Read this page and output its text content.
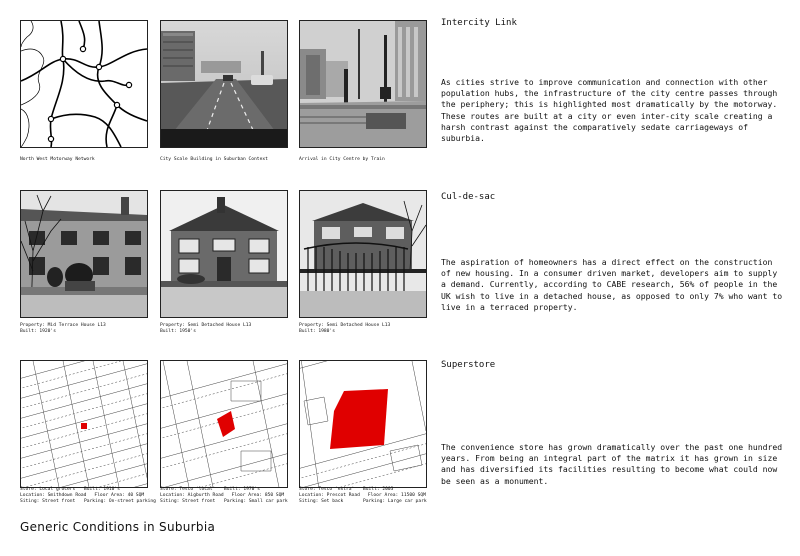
North West Motorway Network	City Scale Building in Suburban Context	Arrival in City Centre by Train
Intercity Link
As cities strive to improve communication and connection with other population hubs, the infrastructure of the city centre passes through the periphery; this is highlighted most dramatically by the motorway. These routes are built at a city or even inter-city scale creating a harsh contrast against the comparatively sedate carriageways of suburbia.
Property: Mid Terrace House L13
Built: 1920's
Property: Semi Detached House L13
Built: 1950's
Property: Semi Detached House L13
Built: 1980's
Cul-de-sac
The aspiration of homeowners has a direct effect on the construction of new housing. In a consumer driven market, developers aim to supply a demand. Currently, according to CABE research, 56% of people in the UK wish to live in a detached house, as opposed to only 7% who want to live in a terraced property.
Store: Local grocers Built: 1910's
Location: Smithdown Road Floor Area: 40 SQM
Siting: Street front Parking: On-street parking
Store: Tesco 'local' Built: 1970's
Location: Aigburth Road Floor Area: 850 SQM
Siting: Street front Parking: Small car park
Store: Tesco 'extra' Built: 2003
Location: Prescot Road Floor Area: 11500 SQM
Siting: Set back	Parking: Large car park
Superstore
The convenience store has grown dramatically over the past one hundred years. From being an integral part of the matrix it has grown in size and has diversified its facilities resulting to become what could now be seen as a monument.
Generic Conditions in Suburbia
